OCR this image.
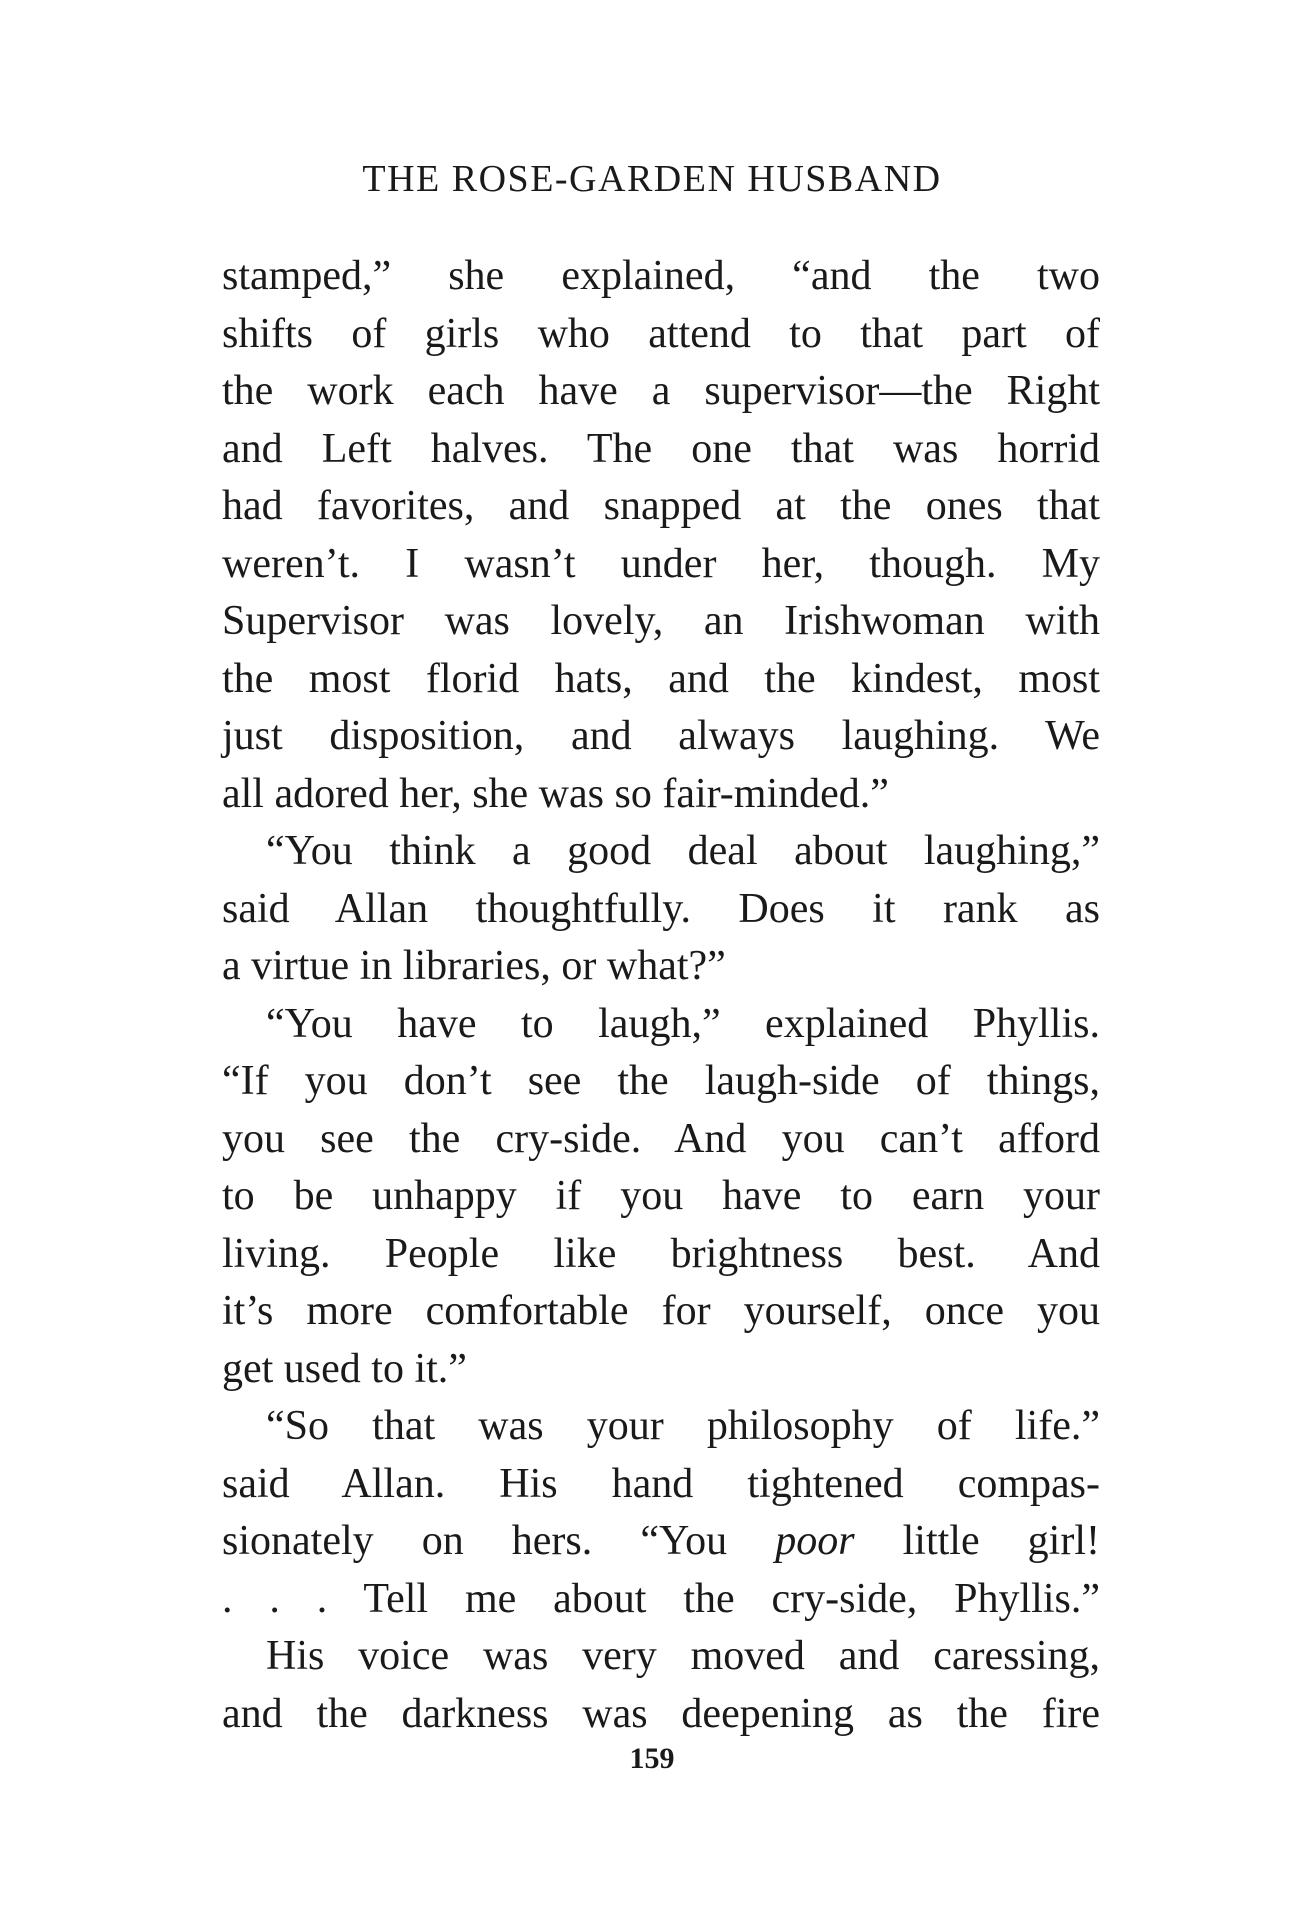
THE ROSE-GARDEN HUSBAND
stamped,” she explained, “and the two
shifts of girls who attend to that part of
the work each have a supervisor—the Right
and Left halves. The one that was horrid
had favorites, and snapped at the ones that
weren’t. I wasn’t under her, though. My
Supervisor was lovely, an Irishwoman with
the most florid hats, and the kindest, most
just disposition, and always laughing. We
all adored her, she was so fair-minded.”
“You think a good deal about laughing,”
said Allan thoughtfully. Does it rank as
a virtue in libraries, or what?”
“You have to laugh,” explained Phyllis.
“If you don’t see the laugh-side of things,
you see the cry-side. And you can’t afford
to be unhappy if you have to earn your
living. People like brightness best. And
it’s more comfortable for yourself, once you
get used to it.”
“So that was your philosophy of life.”
said Allan. His hand tightened compas-
sionately on hers. “You poor little girl!
. . . Tell me about the cry-side, Phyllis.”
His voice was very moved and caressing,
and the darkness was deepening as the fire
159
